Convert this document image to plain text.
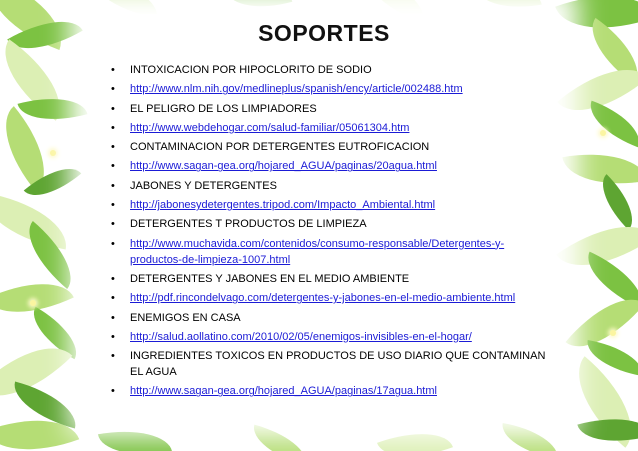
SOPORTES
• INTOXICACION POR HIPOCLORITO DE SODIO
• http://www.nlm.nih.gov/medlineplus/spanish/ency/article/002488.htm
• EL PELIGRO DE LOS LIMPIADORES
• http://www.webdehogar.com/salud-familiar/05061304.htm
• CONTAMINACION POR DETERGENTES EUTROFICACION
• http://www.sagan-gea.org/hojared_AGUA/paginas/20agua.html
• JABONES Y DETERGENTES
• http://jabonesydetergentes.tripod.com/Impacto_Ambiental.html
• DETERGENTES T PRODUCTOS DE LIMPIEZA
• http://www.muchavida.com/contenidos/consumo-responsable/Detergentes-y-productos-de-limpieza-1007.html
• DETERGENTES Y JABONES EN EL MEDIO AMBIENTE
• http://pdf.rincondelvago.com/detergentes-y-jabones-en-el-medio-ambiente.html
• ENEMIGOS EN CASA
• http://salud.aollatino.com/2010/02/05/enemigos-invisibles-en-el-hogar/
• INGREDIENTES TOXICOS EN PRODUCTOS DE USO DIARIO QUE CONTAMINAN EL AGUA
• http://www.sagan-gea.org/hojared_AGUA/paginas/17agua.html
